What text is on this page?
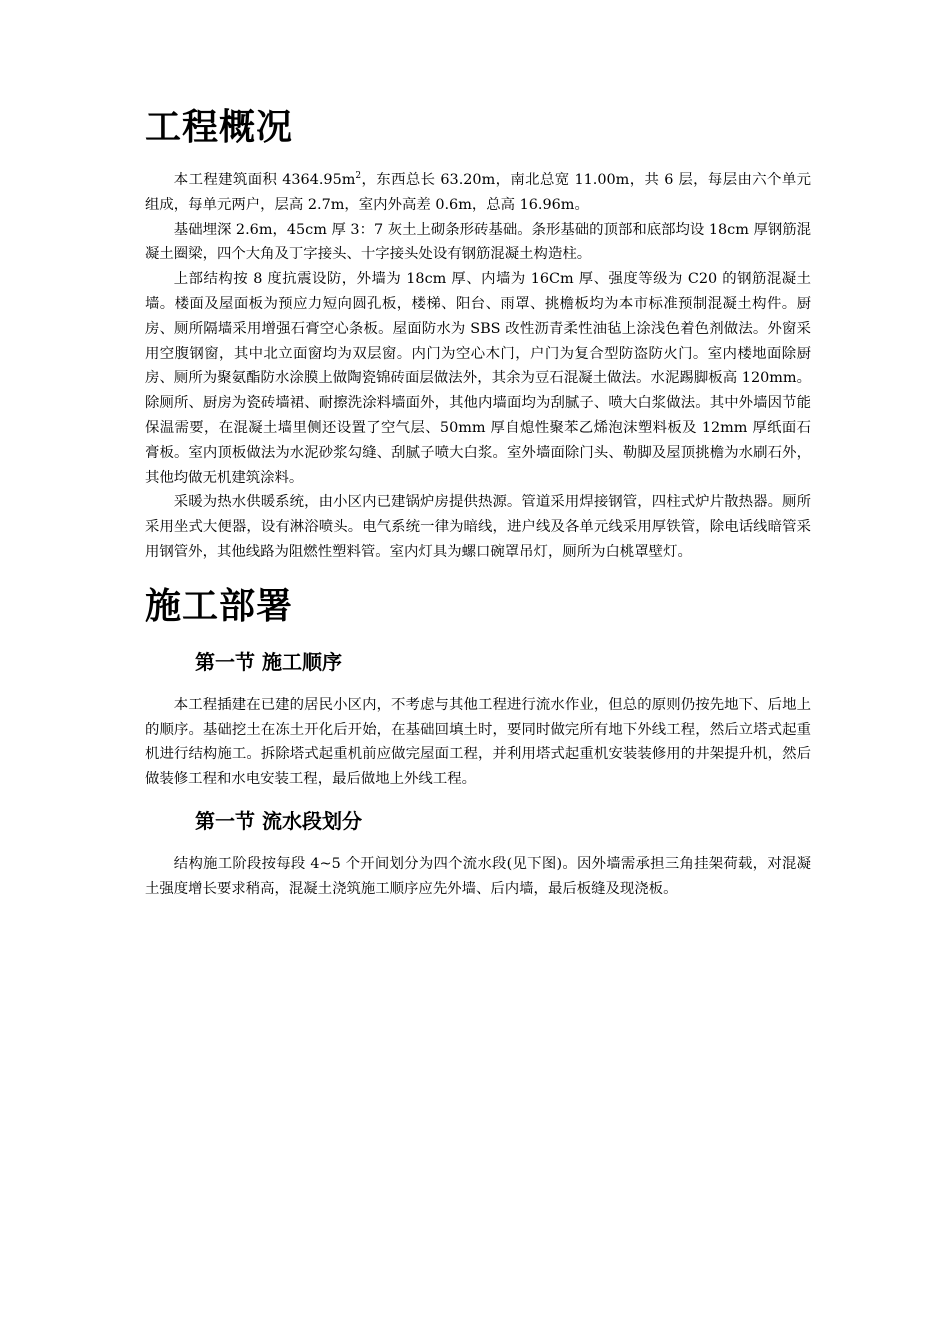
工程概况

本工程建筑面积 $4364.95m^2$，东西总长 63.20m，南北总宽 11.00m，共 6 层，每层由六个单元组成，每单元两户，层高 2.7m，室内外高差 0.6m，总高 16.96m。

基础埋深 2.6m，45cm 厚 3：7 灰土上砌条形砖基础。条形基础的顶部和底部均设 18cm 厚钢筋混凝土圈梁，四个大角及丁字接头、十字接头处设有钢筋混凝土构造柱。

上部结构按 8 度抗震设防，外墙为 18cm 厚、内墙为 16Cm 厚、强度等级为 C20 的钢筋混凝土墙。楼面及屋面板为预应力短向圆孔板，楼梯、阳台、雨罩、挑檐板均为本市标准预制混凝土构件。厨房、厕所隔墙采用增强石膏空心条板。屋面防水为 SBS 改性沥青柔性油毡上涂浅色着色剂做法。外窗采用空腹钢窗，其中北立面窗均为双层窗。内门为空心木门，户门为复合型防盗防火门。室内楼地面除厨房、厕所为聚氨酯防水涂膜上做陶瓷锦砖面层做法外，其余为豆石混凝土做法。水泥踢脚板高 120mm。除厕所、厨房为瓷砖墙裙、耐擦洗涂料墙面外，其他内墙面均为刮腻子、喷大白浆做法。其中外墙因节能保温需要，在混凝土墙里侧还设置了空气层、50mm 厚自熄性聚苯乙烯泡沫塑料板及 12mm 厚纸面石膏板。室内顶板做法为水泥砂浆勾缝、刮腻子喷大白浆。室外墙面除门头、勒脚及屋顶挑檐为水刷石外，其他均做无机建筑涂料。

采暖为热水供暖系统，由小区内已建锅炉房提供热源。管道采用焊接钢管，四柱式炉片散热器。厕所采用坐式大便器，设有淋浴喷头。电气系统一律为暗线，进户线及各单元线采用厚铁管，除电话线暗管采用钢管外，其他线路为阻燃性塑料管。室内灯具为螺口碗罩吊灯，厕所为白桃罩壁灯。

施工部署
第一节 施工顺序

本工程插建在已建的居民小区内，不考虑与其他工程进行流水作业，但总的原则仍按先地下、后地上的顺序。基础挖土在冻土开化后开始，在基础回填土时，要同时做完所有地下外线工程，然后立塔式起重机进行结构施工。拆除塔式起重机前应做完屋面工程，并利用塔式起重机安装装修用的井架提升机，然后做装修工程和水电安装工程，最后做地上外线工程。

第一节 流水段划分

结构施工阶段按每段 4~5 个开间划分为四个流水段(见下图)。因外墙需承担三角挂架荷载，对混凝土强度增长要求稍高，混凝土浇筑施工顺序应先外墙、后内墙，最后板缝及现浇板。
